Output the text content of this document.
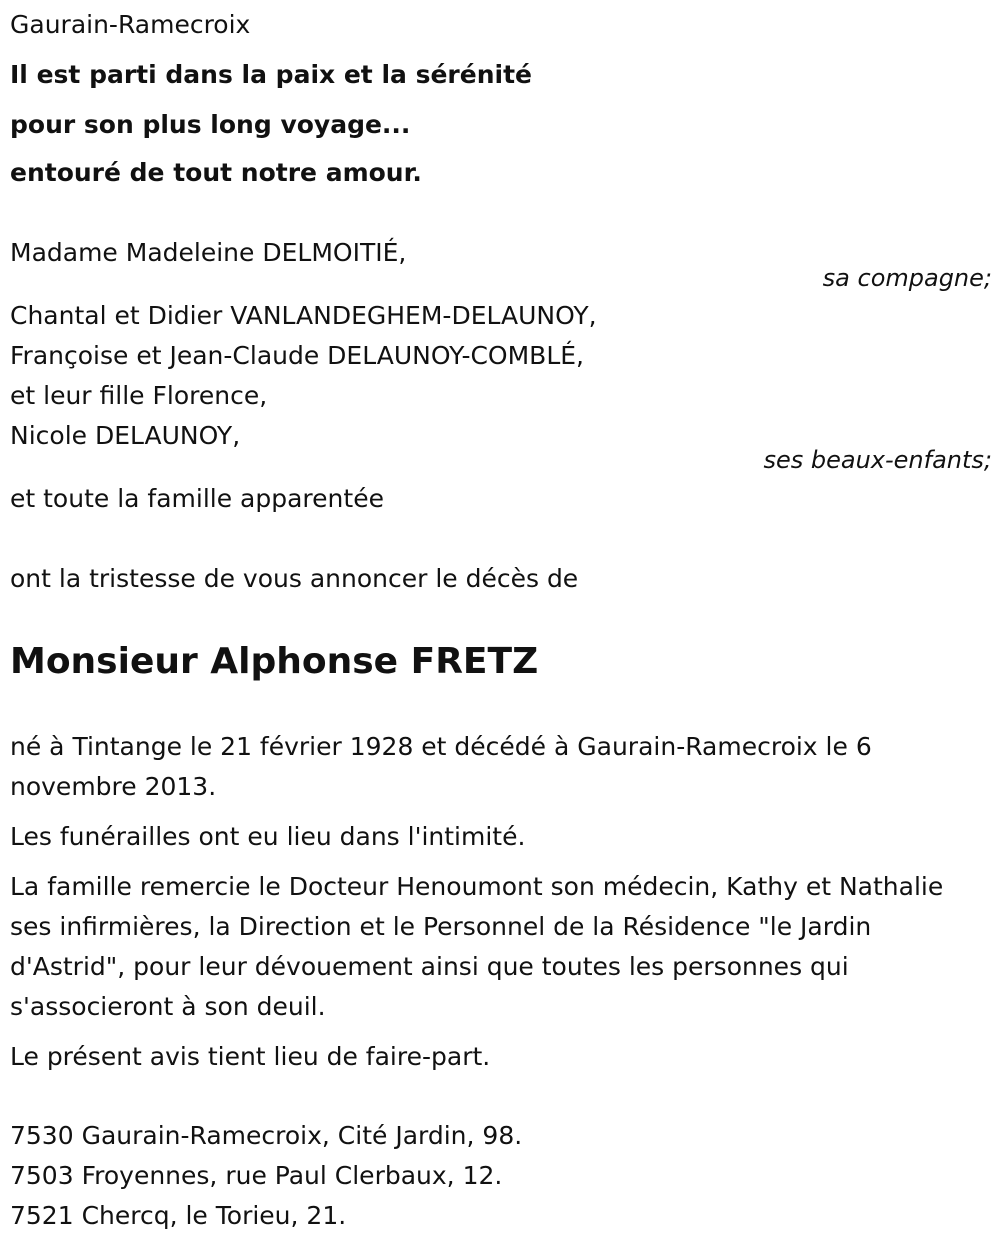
Gaurain-Ramecroix
Il est parti dans la paix et la sérénité
pour son plus long voyage...
entouré de tout notre amour.
Madame Madeleine DELMOITIÉ,
sa compagne;
Chantal et Didier VANLANDEGHEM-DELAUNOY,
Françoise et Jean-Claude DELAUNOY-COMBLÉ,
et leur fille Florence,
Nicole DELAUNOY,
ses beaux-enfants;
et toute la famille apparentée
ont la tristesse de vous annoncer le décès de
Monsieur Alphonse FRETZ

né à Tintange le 21 février 1928 et décédé à Gaurain-Ramecroix le 6 novembre 2013.

Les funérailles ont eu lieu dans l'intimité.

La famille remercie le Docteur Henoumont son médecin, Kathy et Nathalie ses infirmières, la Direction et le Personnel de la Résidence "le Jardin d'Astrid", pour leur dévouement ainsi que toutes les personnes qui s'associeront à son deuil.

Le présent avis tient lieu de faire-part.

7530 Gaurain-Ramecroix, Cité Jardin, 98.
7503 Froyennes, rue Paul Clerbaux, 12.
7521 Chercq, le Torieu, 21.
